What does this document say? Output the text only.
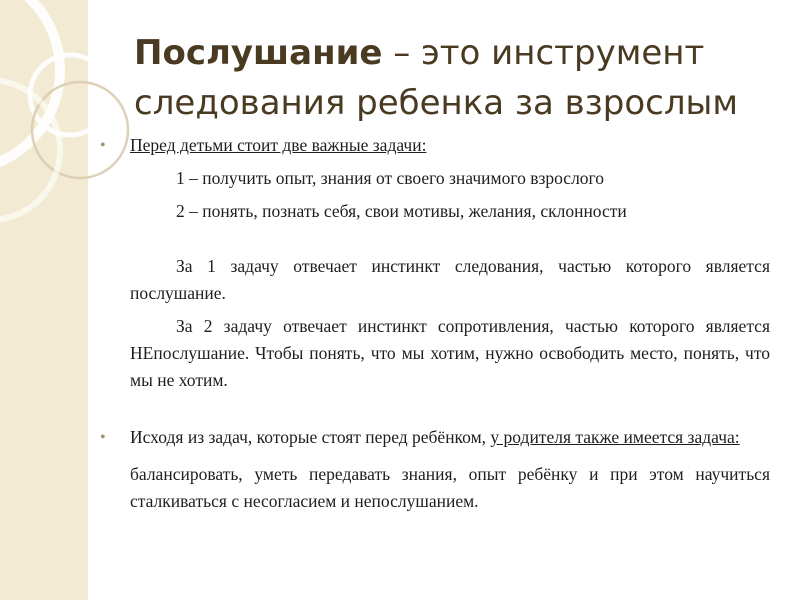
Послушание – это инструмент
следования ребенка за взрослым
• Перед детьми стоит две важные задачи:

1 – получить опыт, знания от своего значимого взрослого

2 – понять, познать себя, свои мотивы, желания, склонности

За 1 задачу отвечает инстинкт следования, частью которого является послушание.

За 2 задачу отвечает инстинкт сопротивления, частью которого является НЕпослушание. Чтобы понять, что мы хотим, нужно освободить место, понять, что мы не хотим.

• Исходя из задач, которые стоят перед ребёнком, у родителя также имеется задача:

балансировать, уметь передавать знания, опыт ребёнку и при этом научиться сталкиваться с несогласием и непослушанием.
